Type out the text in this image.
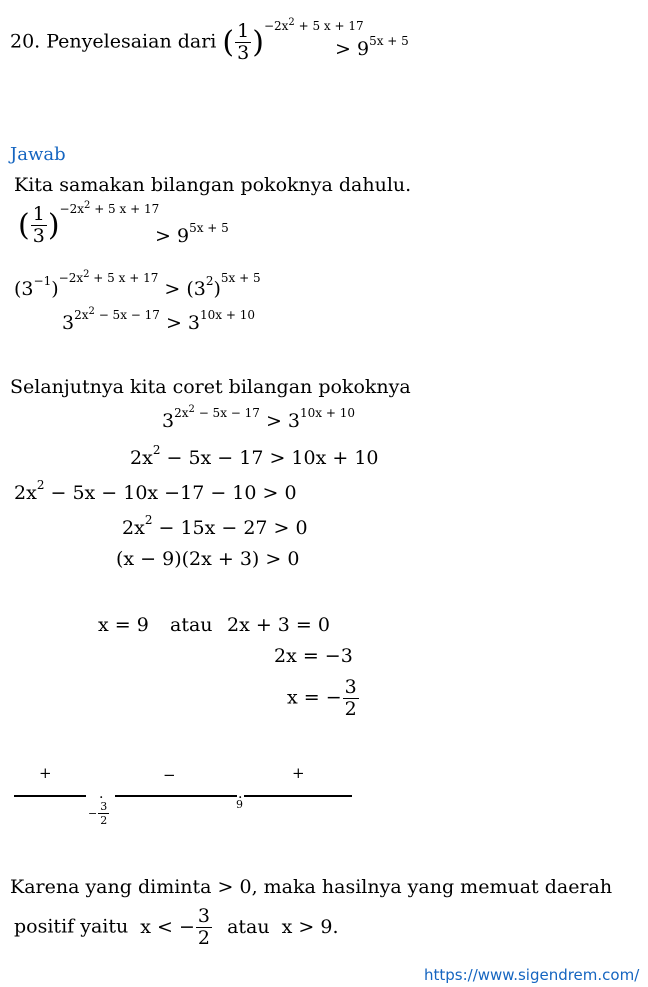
20. Penyelesaian dari ( $\frac{1}{3} )^{-2x^2 + 5 x + 17}$
> $9^{5x + 5}$
Jawab
Kita samakan bilangan pokoknya dahulu.
( $\frac{1}{3} )^{-2x^2 + 5 x + 17}$
> $9^{5x + 5}$
$(3^{-1})^{-2x^2 + 5 x + 17} > (3^2)^{5x + 5}$
$3^{2x^2 - 5x - 17} > 3^{10x + 10}$
Selanjutnya kita coret bilangan pokoknya
$3^{2x^2 - 5x - 17} > 3^{10x + 10}$
$2x^2 - 5x - 17 > 10x + 10$
$2x^2 - 5x - 10x -17 - 10 > 0$
$2x^2 - 15x - 27 > 0$
(x − 9)(2x + 3) > 0
x = 9 atau 2x + 3 = 0
2x = −3
x = − $\frac{3}{2}$
+	−	+
.	.
− $\frac{3}{2}$	9
Karena yang diminta > 0, maka hasilnya yang memuat daerah
positif yaitu x < − $\frac{3}{2}$ atau x > 9.
https://www.sigendrem.com/
